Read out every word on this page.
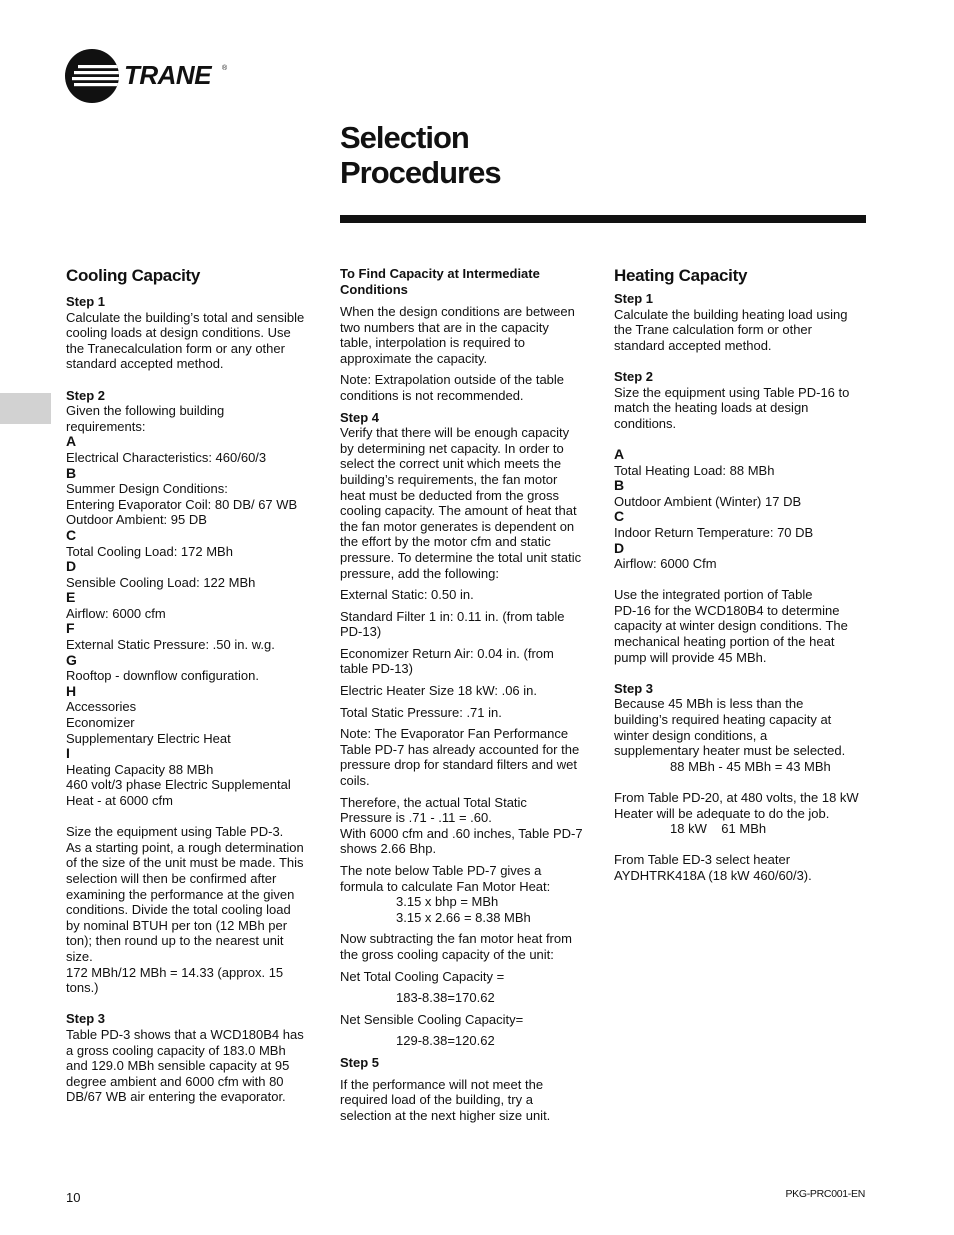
TRANE ®
Selection
Procedures
Cooling Capacity
Step 1
Calculate the building’s total and sensible
cooling loads at design conditions. Use
the Tranecalculation form or any other
standard accepted method.
Step 2
Given the following building
requirements:
A
Electrical Characteristics: 460/60/3
B
Summer Design Conditions:
Entering Evaporator Coil: 80 DB/ 67 WB
Outdoor Ambient: 95 DB
C
Total Cooling Load: 172 MBh
D
Sensible Cooling Load: 122 MBh
E
Airflow: 6000 cfm
F
External Static Pressure: .50 in. w.g.
G
Rooftop - downflow configuration.
H
Accessories
Economizer
Supplementary Electric Heat
I
Heating Capacity 88 MBh
460 volt/3 phase Electric Supplemental
Heat - at 6000 cfm
Size the equipment using Table PD-3.
As a starting point, a rough determination
of the size of the unit must be made. This
selection will then be confirmed after
examining the performance at the given
conditions. Divide the total cooling load
by nominal BTUH per ton (12 MBh per
ton); then round up to the nearest unit
size.
172 MBh/12 MBh = 14.33 (approx. 15
tons.)
Step 3
Table PD-3 shows that a WCD180B4 has
a gross cooling capacity of 183.0 MBh
and 129.0 MBh sensible capacity at 95
degree ambient and 6000 cfm with 80
DB/67 WB air entering the evaporator.
To Find Capacity at Intermediate
Conditions
When the design conditions are between
two numbers that are in the capacity
table, interpolation is required to
approximate the capacity.
Note: Extrapolation outside of the table
conditions is not recommended.
Step 4
Verify that there will be enough capacity
by determining net capacity. In order to
select the correct unit which meets the
building’s requirements, the fan motor
heat must be deducted from the gross
cooling capacity. The amount of heat that
the fan motor generates is dependent on
the effort by the motor cfm and static
pressure. To determine the total unit static
pressure, add the following:
External Static: 0.50 in.
Standard Filter 1 in: 0.11 in. (from table
PD-13)
Economizer Return Air: 0.04 in. (from
table PD-13)
Electric Heater Size 18 kW: .06 in.
Total Static Pressure: .71 in.
Note: The Evaporator Fan Performance
Table PD-7 has already accounted for the
pressure drop for standard filters and wet
coils.
Therefore, the actual Total Static
Pressure is .71 - .11 = .60.
With 6000 cfm and .60 inches, Table PD-7
shows 2.66 Bhp.
The note below Table PD-7 gives a
formula to calculate Fan Motor Heat:
3.15 x bhp = MBh
3.15 x 2.66 = 8.38 MBh
Now subtracting the fan motor heat from
the gross cooling capacity of the unit:
Net Total Cooling Capacity =
183-8.38=170.62
Net Sensible Cooling Capacity=
129-8.38=120.62
Step 5
If the performance will not meet the
required load of the building, try a
selection at the next higher size unit.
Heating Capacity
Step 1
Calculate the building heating load using
the Trane calculation form or other
standard accepted method.
Step 2
Size the equipment using Table PD-16 to
match the heating loads at design
conditions.
A
Total Heating Load: 88 MBh
B
Outdoor Ambient (Winter) 17 DB
C
Indoor Return Temperature: 70 DB
D
Airflow: 6000 Cfm
Use the integrated portion of Table
PD-16 for the WCD180B4 to determine
capacity at winter design conditions. The
mechanical heating portion of the heat
pump will provide 45 MBh.
Step 3
Because 45 MBh is less than the
building’s required heating capacity at
winter design conditions, a
supplementary heater must be selected.
88 MBh - 45 MBh = 43 MBh
From Table PD-20, at 480 volts, the 18 kW
Heater will be adequate to do the job.
18 kW    61 MBh
From Table ED-3 select heater
AYDHTRK418A (18 kW 460/60/3).
10	PKG-PRC001-EN
